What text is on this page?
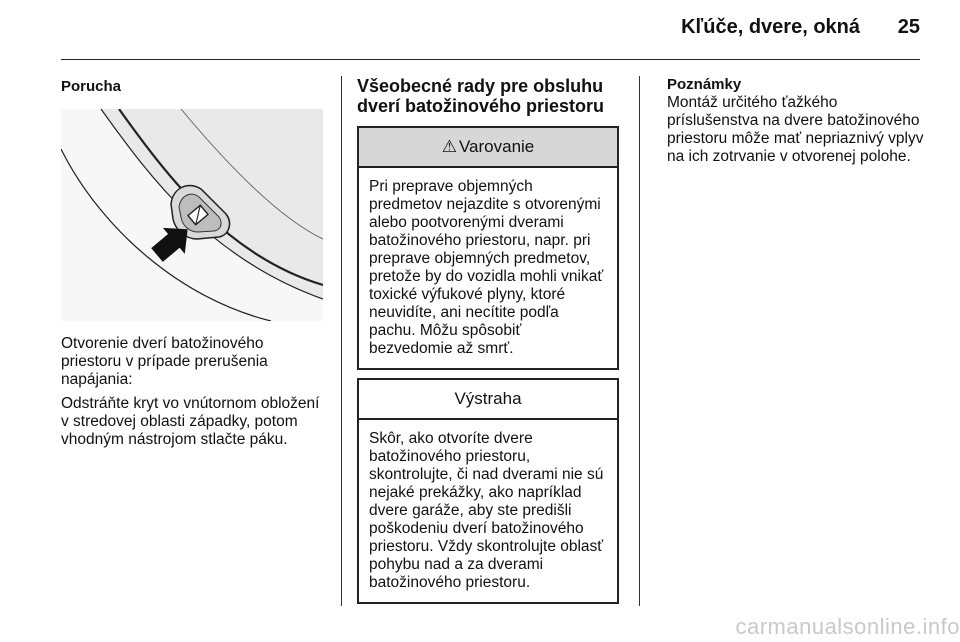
Kľúče, dvere, okná	25
Porucha

Otvorenie dverí batožinového priestoru v prípade prerušenia napájania:

Odstráňte kryt vo vnútornom obložení v stredovej oblasti západky, potom vhodným nástrojom stlačte páku.

Všeobecné rady pre obsluhu dverí batožinového priestoru
⚠ Varovanie
Pri preprave objemných predmetov nejazdite s otvorenými alebo pootvorenými dverami batožinového priestoru, napr. pri preprave objemných predmetov, pretože by do vozidla mohli vnikať toxické výfukové plyny, ktoré neuvidíte, ani necítite podľa pachu. Môžu spôsobiť bezvedomie až smrť.
Výstraha
Skôr, ako otvoríte dvere batožinového priestoru, skontrolujte, či nad dverami nie sú nejaké prekážky, ako napríklad dvere garáže, aby ste predišli poškodeniu dverí batožinového priestoru. Vždy skontrolujte oblasť pohybu nad a za dverami batožinového priestoru.
Poznámky

Montáž určitého ťažkého príslušenstva na dvere batožinového priestoru môže mať nepriaznivý vplyv na ich zotrvanie v otvorenej polohe.

carmanualsonline.info
